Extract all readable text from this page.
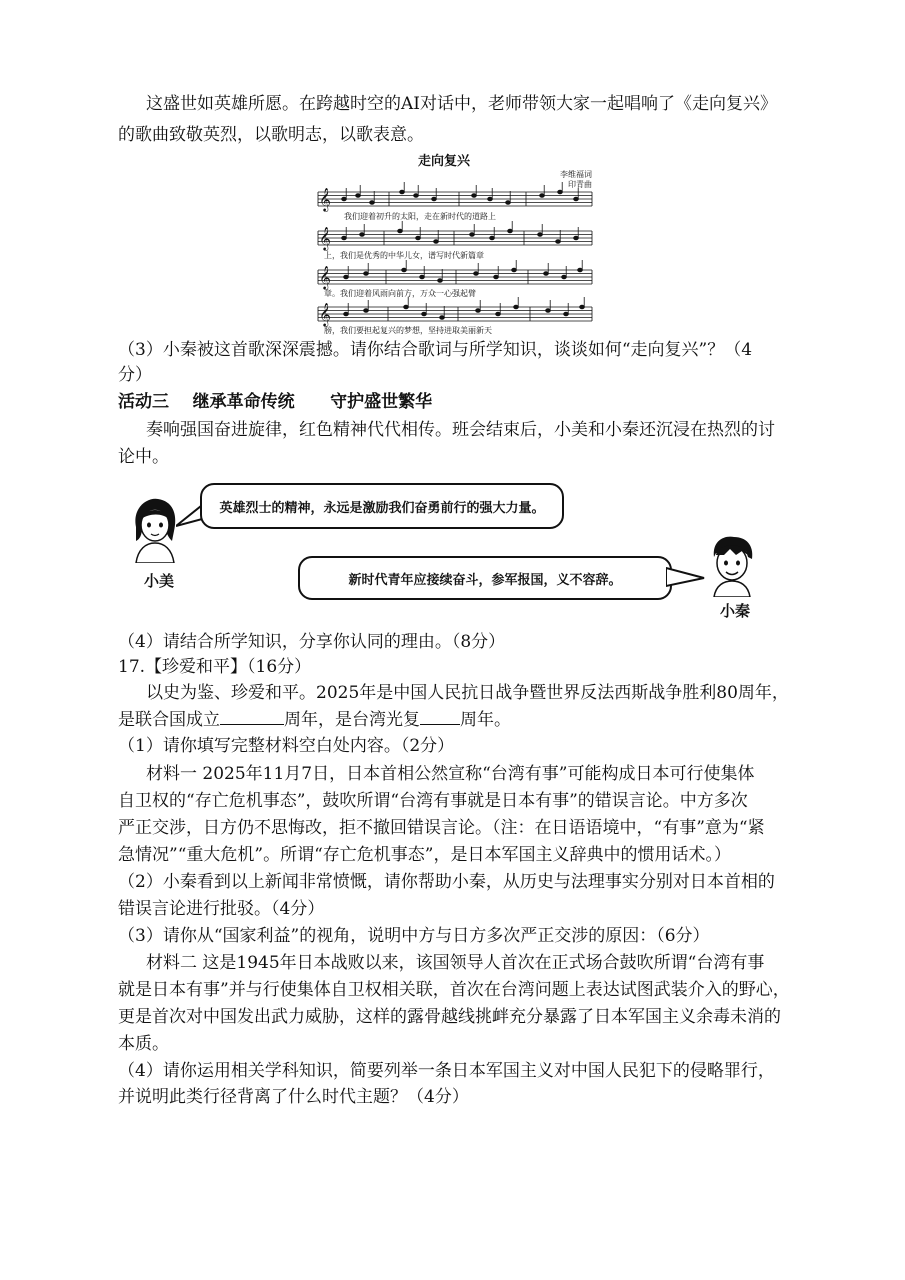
这盛世如英雄所愿。在跨越时空的AI对话中，老师带领大家一起唱响了《走向复兴》
的歌曲致敬英烈，以歌明志，以歌表意。
走向复兴
李维福词
印青曲
𝄞
𝄞
𝄞
𝄞
我们迎着初升的太阳，走在新时代的道路上
上，我们是优秀的中华儿女，谱写时代新篇章
章。我们迎着风雨向前方，万众一心强起臂
膀，我们要担起复兴的梦想，坚持进取美丽新天
（3）小秦被这首歌深深震撼。请你结合歌词与所学知识，谈谈如何“走向复兴”？（4
分）
活动三    继承革命传统      守护盛世繁华
奏响强国奋进旋律，红色精神代代相传。班会结束后，小美和小秦还沉浸在热烈的讨
论中。
小美
英雄烈士的精神，永远是激励我们奋勇前行的强大力量。
新时代青年应接续奋斗，参军报国，义不容辞。
小秦
（4）请结合所学知识，分享你认同的理由。（8分）
17.【珍爱和平】（16分）
以史为鉴、珍爱和平。2025年是中国人民抗日战争暨世界反法西斯战争胜利80周年，
是联合国成立	周年，是台湾光复 周年。
（1）请你填写完整材料空白处内容。（2分）
材料一 2025年11月7日，日本首相公然宣称“台湾有事”可能构成日本可行使集体
自卫权的“存亡危机事态”，鼓吹所谓“台湾有事就是日本有事”的错误言论。中方多次
严正交涉，日方仍不思悔改，拒不撤回错误言论。（注：在日语语境中，“有事”意为“紧
急情况”“重大危机”。所谓“存亡危机事态”，是日本军国主义辞典中的惯用话术。）
（2）小秦看到以上新闻非常愤慨，请你帮助小秦，从历史与法理事实分别对日本首相的
错误言论进行批驳。（4分）
（3）请你从“国家利益”的视角，说明中方与日方多次严正交涉的原因：（6分）
材料二 这是1945年日本战败以来，该国领导人首次在正式场合鼓吹所谓“台湾有事
就是日本有事”并与行使集体自卫权相关联，首次在台湾问题上表达试图武装介入的野心，
更是首次对中国发出武力威胁，这样的露骨越线挑衅充分暴露了日本军国主义余毒未消的
本质。
（4）请你运用相关学科知识，简要列举一条日本军国主义对中国人民犯下的侵略罪行，
并说明此类行径背离了什么时代主题？（4分）
